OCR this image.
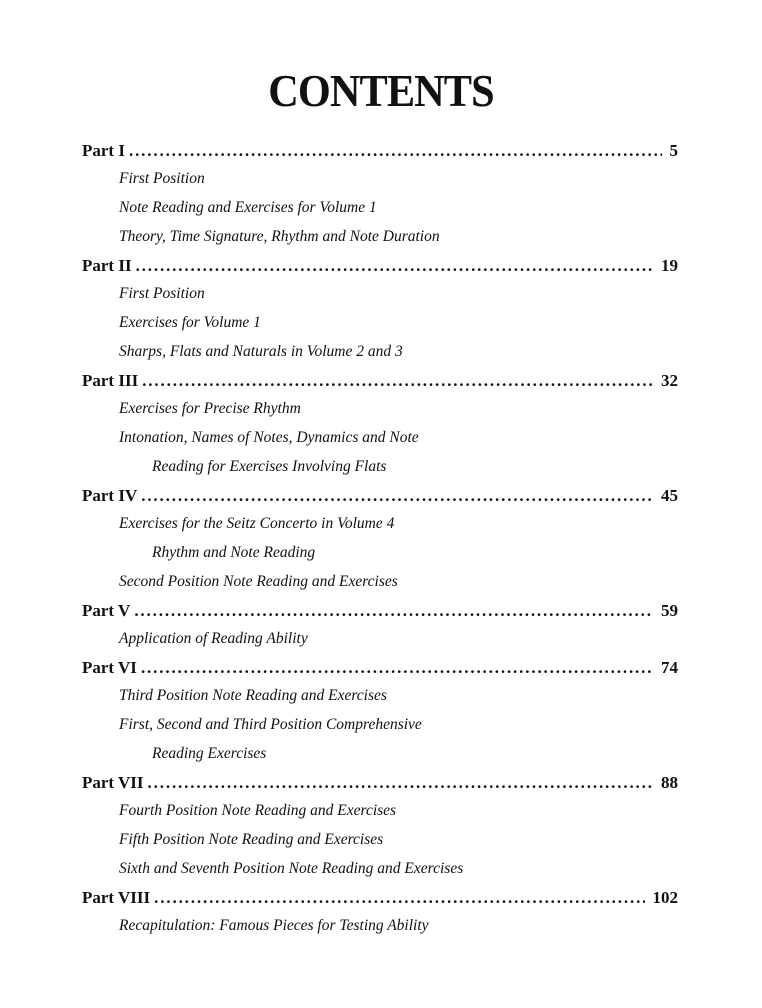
CONTENTS
Part I . . .	5
First Position
Note Reading and Exercises for Volume 1
Theory, Time Signature, Rhythm and Note Duration
Part II . . .	19
First Position
Exercises for Volume 1
Sharps, Flats and Naturals in Volume 2 and 3
Part III . . .	32
Exercises for Precise Rhythm
Intonation, Names of Notes, Dynamics and Note
Reading for Exercises Involving Flats
Part IV . . .	45
Exercises for the Seitz Concerto in Volume 4
Rhythm and Note Reading
Second Position Note Reading and Exercises
Part V . . .	59
Application of Reading Ability
Part VI . . .	74
Third Position Note Reading and Exercises
First, Second and Third Position Comprehensive
Reading Exercises
Part VII . . .	88
Fourth Position Note Reading and Exercises
Fifth Position Note Reading and Exercises
Sixth and Seventh Position Note Reading and Exercises
Part VIII . . .	102
Recapitulation: Famous Pieces for Testing Ability
